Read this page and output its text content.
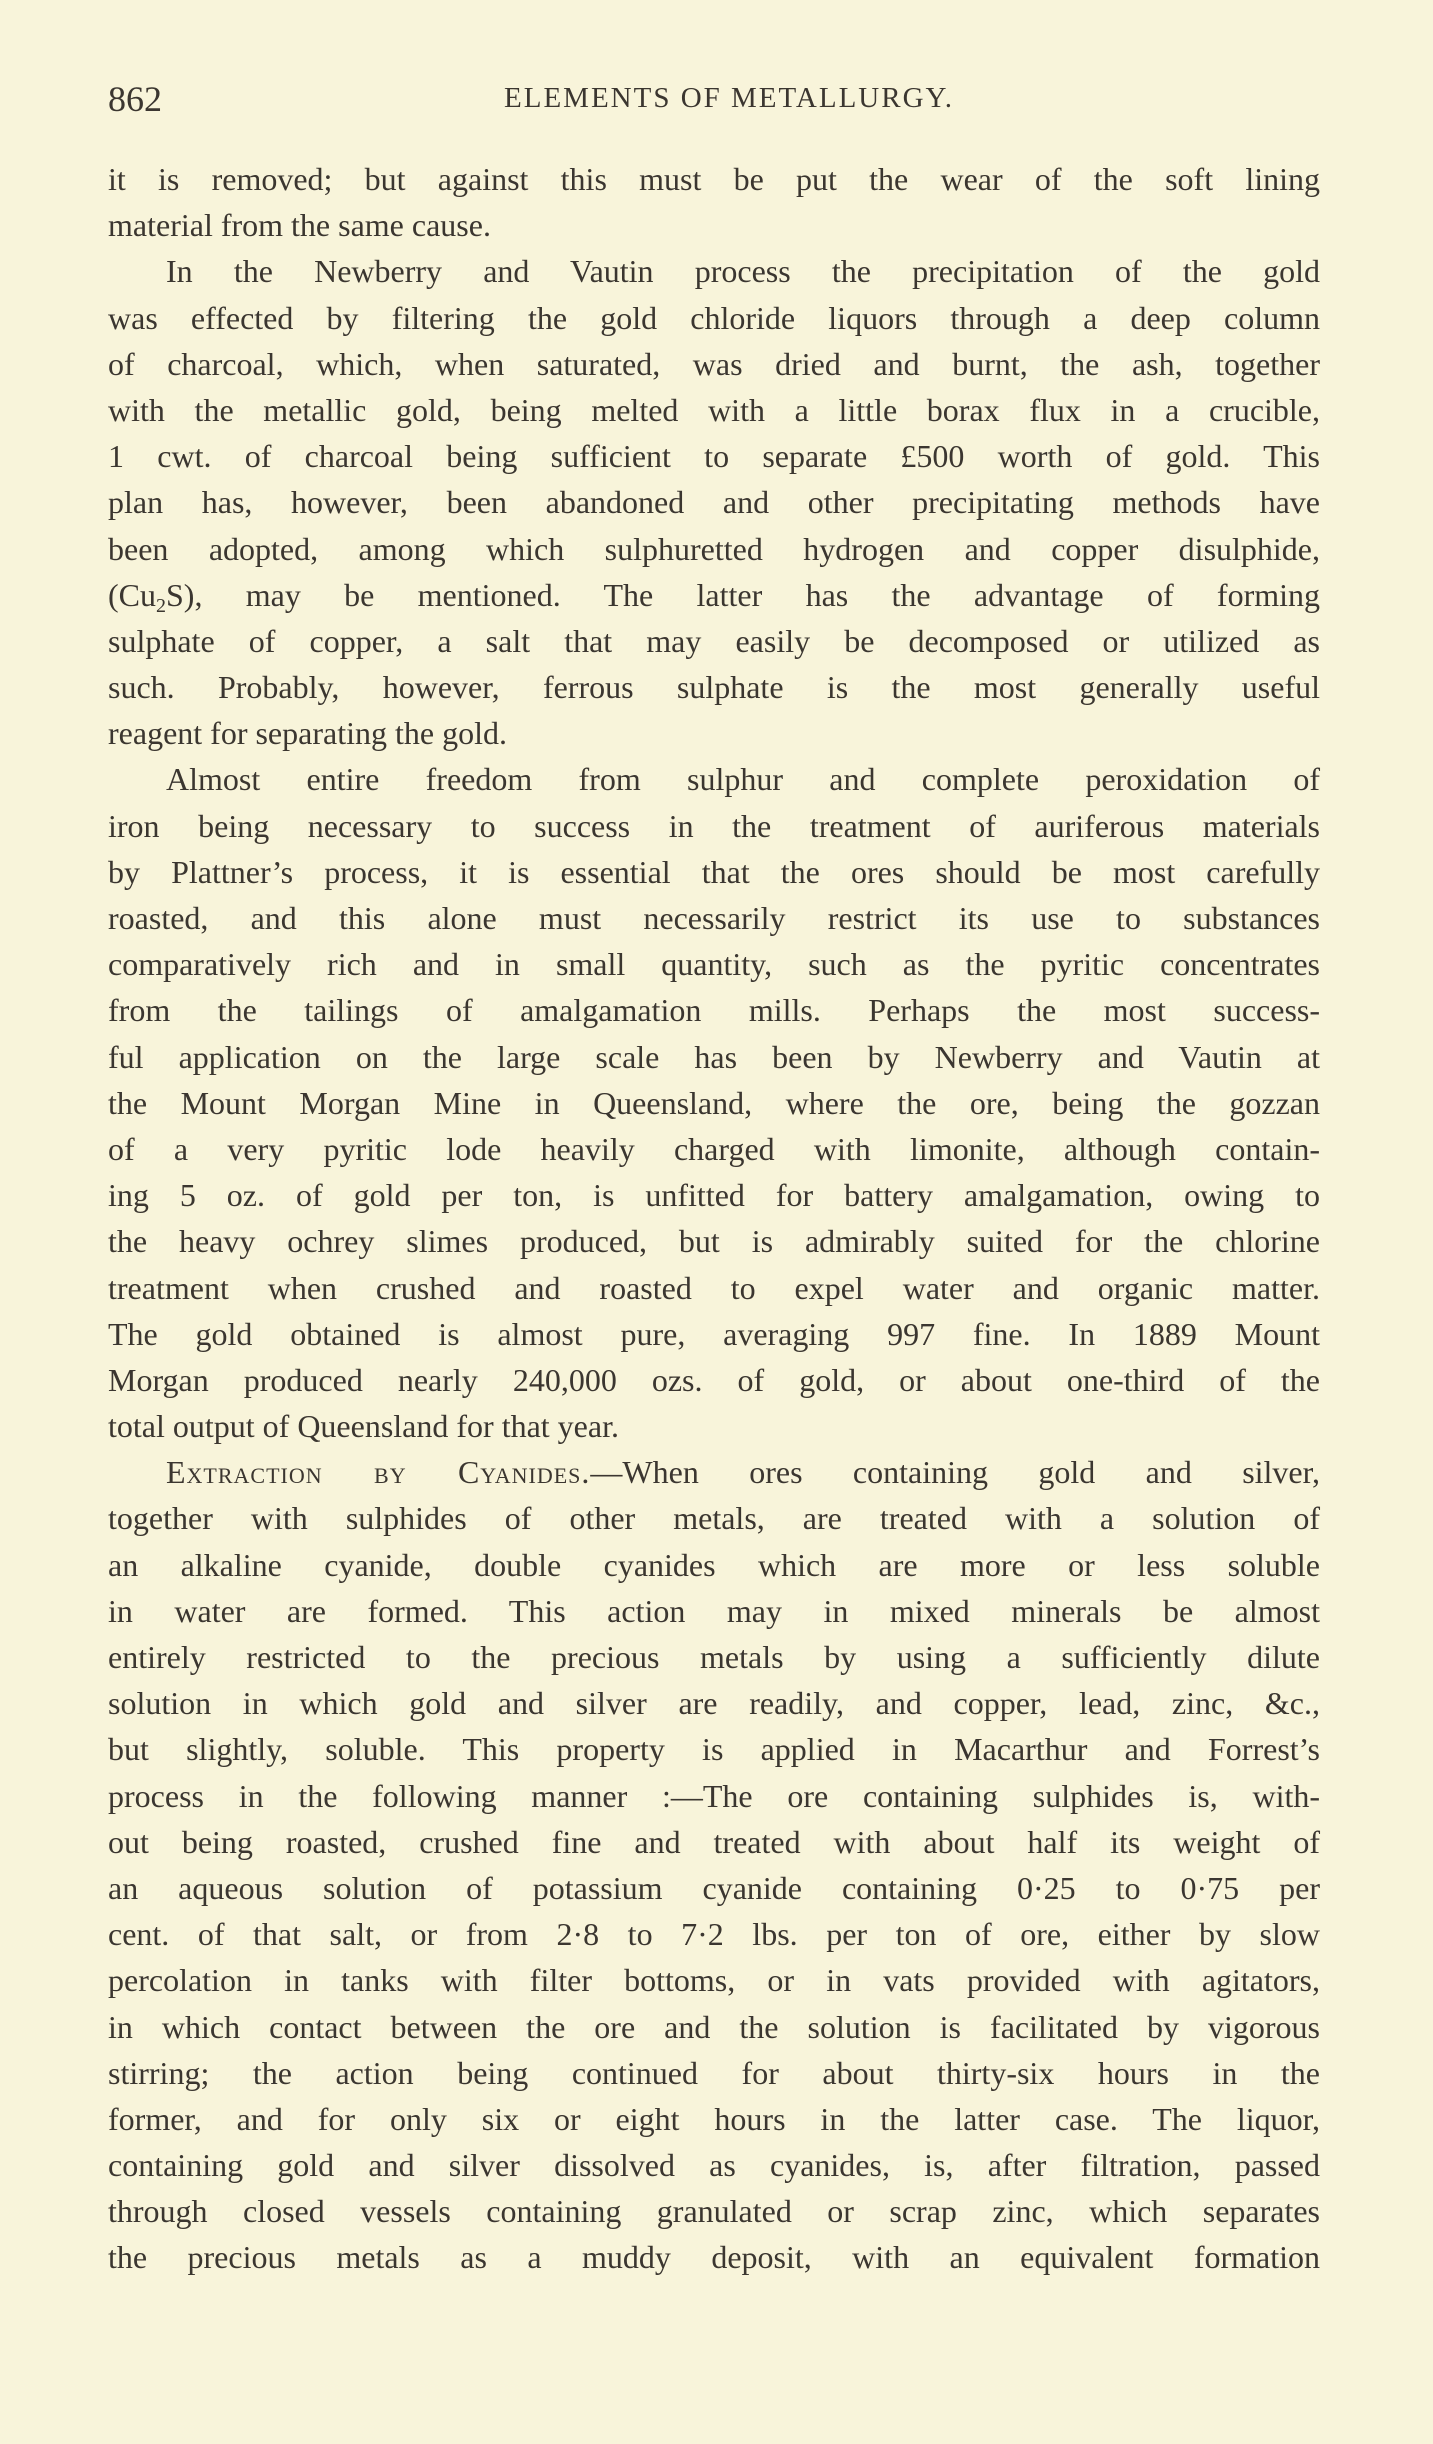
862	ELEMENTS OF METALLURGY.
it is removed; but against this must be put the wear of the soft lining
material from the same cause.
In the Newberry and Vautin process the precipitation of the gold
was effected by filtering the gold chloride liquors through a deep column
of charcoal, which, when saturated, was dried and burnt, the ash, together
with the metallic gold, being melted with a little borax flux in a crucible,
1 cwt. of charcoal being sufficient to separate £500 worth of gold. This
plan has, however, been abandoned and other precipitating methods have
been adopted, among which sulphuretted hydrogen and copper disulphide,
$(Cu_2S)$, may be mentioned. The latter has the advantage of forming
sulphate of copper, a salt that may easily be decomposed or utilized as
such. Probably, however, ferrous sulphate is the most generally useful
reagent for separating the gold.
Almost entire freedom from sulphur and complete peroxidation of
iron being necessary to success in the treatment of auriferous materials
by Plattner’s process, it is essential that the ores should be most carefully
roasted, and this alone must necessarily restrict its use to substances
comparatively rich and in small quantity, such as the pyritic concentrates
from the tailings of amalgamation mills. Perhaps the most success-
ful application on the large scale has been by Newberry and Vautin at
the Mount Morgan Mine in Queensland, where the ore, being the gozzan
of a very pyritic lode heavily charged with limonite, although contain-
ing 5 oz. of gold per ton, is unfitted for battery amalgamation, owing to
the heavy ochrey slimes produced, but is admirably suited for the chlorine
treatment when crushed and roasted to expel water and organic matter.
The gold obtained is almost pure, averaging 997 fine. In 1889 Mount
Morgan produced nearly 240,000 ozs. of gold, or about one-third of the
total output of Queensland for that year.
Extraction by Cyanides.—When ores containing gold and silver,
together with sulphides of other metals, are treated with a solution of
an alkaline cyanide, double cyanides which are more or less soluble
in water are formed. This action may in mixed minerals be almost
entirely restricted to the precious metals by using a sufficiently dilute
solution in which gold and silver are readily, and copper, lead, zinc, &c.,
but slightly, soluble. This property is applied in Macarthur and Forrest’s
process in the following manner :—The ore containing sulphides is, with-
out being roasted, crushed fine and treated with about half its weight of
an aqueous solution of potassium cyanide containing 0·25 to 0·75 per
cent. of that salt, or from 2·8 to 7·2 lbs. per ton of ore, either by slow
percolation in tanks with filter bottoms, or in vats provided with agitators,
in which contact between the ore and the solution is facilitated by vigorous
stirring; the action being continued for about thirty-six hours in the
former, and for only six or eight hours in the latter case. The liquor,
containing gold and silver dissolved as cyanides, is, after filtration, passed
through closed vessels containing granulated or scrap zinc, which separates
the precious metals as a muddy deposit, with an equivalent formation
